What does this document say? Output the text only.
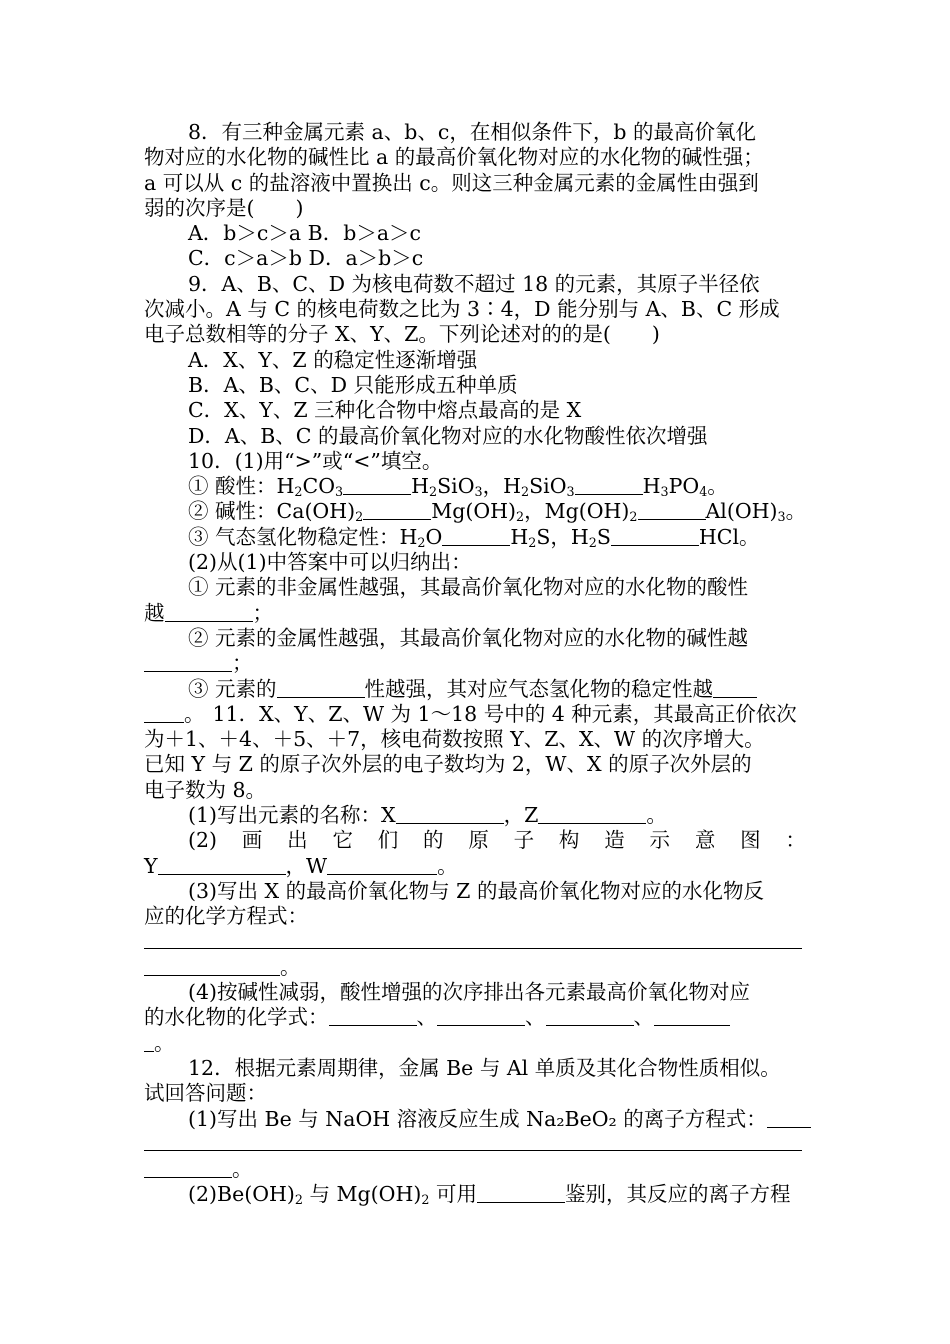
8．有三种金属元素 a、b、c，在相似条件下，b 的最高价氧化
物对应的水化物的碱性比 a 的最高价氧化物对应的水化物的碱性强；
a 可以从 c 的盐溶液中置换出 c。则这三种金属元素的金属性由强到
弱的次序是(　　)
A．b＞c＞a B．b＞a＞c
C．c＞a＞b D．a＞b＞c
9．A、B、C、D 为核电荷数不超过 18 的元素，其原子半径依
次减小。A 与 C 的核电荷数之比为 3∶4，D 能分别与 A、B、C 形成
电子总数相等的分子 X、Y、Z。下列论述对的的是(　　)
A．X、Y、Z 的稳定性逐渐增强
B．A、B、C、D 只能形成五种单质
C．X、Y、Z 三种化合物中熔点最高的是 X
D．A、B、C 的最高价氧化物对应的水化物酸性依次增强
10．(1)用“>”或“<”填空。
① 酸性：$H_2CO_3$	$H_2SiO_3$，$H_2SiO_3$	$H_3PO_4$。
② 碱性：$Ca(OH)_2$	$Mg(OH)_2$，$Mg(OH)_2$	$Al(OH)_3$。
③ 气态氢化物稳定性：$H_2O$	$H_2S$，$H_2S$	HCl。
(2)从(1)中答案中可以归纳出：
① 元素的非金属性越强，其最高价氧化物对应的水化物的酸性
越	；
② 元素的金属性越强，其最高价氧化物对应的水化物的碱性越
；
③ 元素的	性越强，其对应气态氢化物的稳定性越
。 11．X、Y、Z、W 为 1～18 号中的 4 种元素，其最高正价依次
为＋1、＋4、＋5、＋7，核电荷数按照 Y、Z、X、W 的次序增大。
已知 Y 与 Z 的原子次外层的电子数均为 2，W、X 的原子次外层的
电子数为 8。
(1)写出元素的名称：X	，Z	。
(2) 画 出 它 们 的 原 子 构 造 示 意 图 ：
Y	，W	。
(3)写出 X 的最高价氧化物与 Z 的最高价氧化物对应的水化物反
应的化学方程式：
。
(4)按碱性减弱，酸性增强的次序排出各元素最高价氧化物对应
的水化物的化学式：	、	、	、
。
12．根据元素周期律，金属 Be 与 Al 单质及其化合物性质相似。
试回答问题：
(1)写出 Be 与 NaOH 溶液反应生成 Na₂BeO₂ 的离子方程式：
。
$(2)Be(OH)_2$ 与 $Mg(OH)_2$ 可用	鉴别，其反应的离子方程
